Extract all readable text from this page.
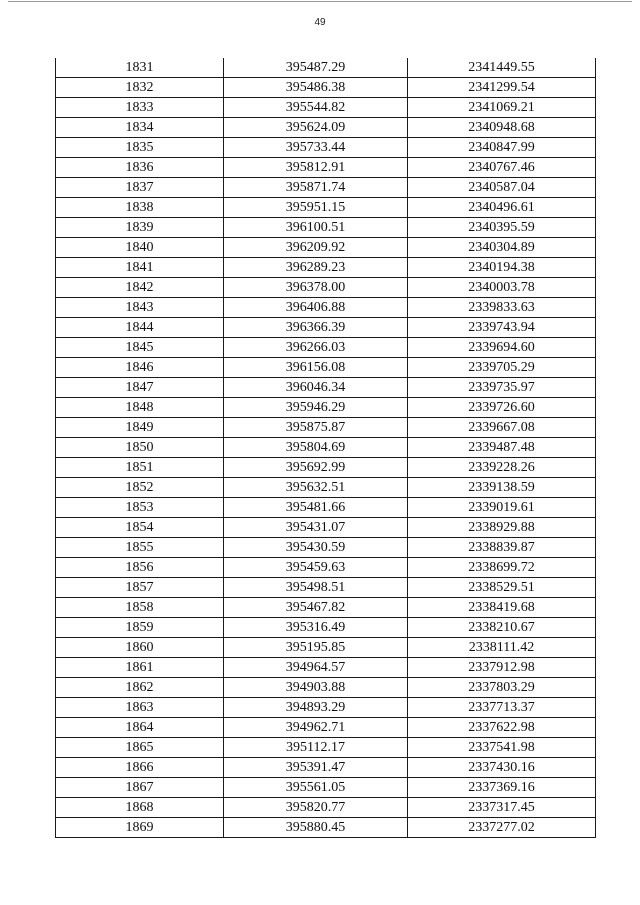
49
1831	395487.29	2341449.55
1832	395486.38	2341299.54
1833	395544.82	2341069.21
1834	395624.09	2340948.68
1835	395733.44	2340847.99
1836	395812.91	2340767.46
1837	395871.74	2340587.04
1838	395951.15	2340496.61
1839	396100.51	2340395.59
1840	396209.92	2340304.89
1841	396289.23	2340194.38
1842	396378.00	2340003.78
1843	396406.88	2339833.63
1844	396366.39	2339743.94
1845	396266.03	2339694.60
1846	396156.08	2339705.29
1847	396046.34	2339735.97
1848	395946.29	2339726.60
1849	395875.87	2339667.08
1850	395804.69	2339487.48
1851	395692.99	2339228.26
1852	395632.51	2339138.59
1853	395481.66	2339019.61
1854	395431.07	2338929.88
1855	395430.59	2338839.87
1856	395459.63	2338699.72
1857	395498.51	2338529.51
1858	395467.82	2338419.68
1859	395316.49	2338210.67
1860	395195.85	2338111.42
1861	394964.57	2337912.98
1862	394903.88	2337803.29
1863	394893.29	2337713.37
1864	394962.71	2337622.98
1865	395112.17	2337541.98
1866	395391.47	2337430.16
1867	395561.05	2337369.16
1868	395820.77	2337317.45
1869	395880.45	2337277.02
